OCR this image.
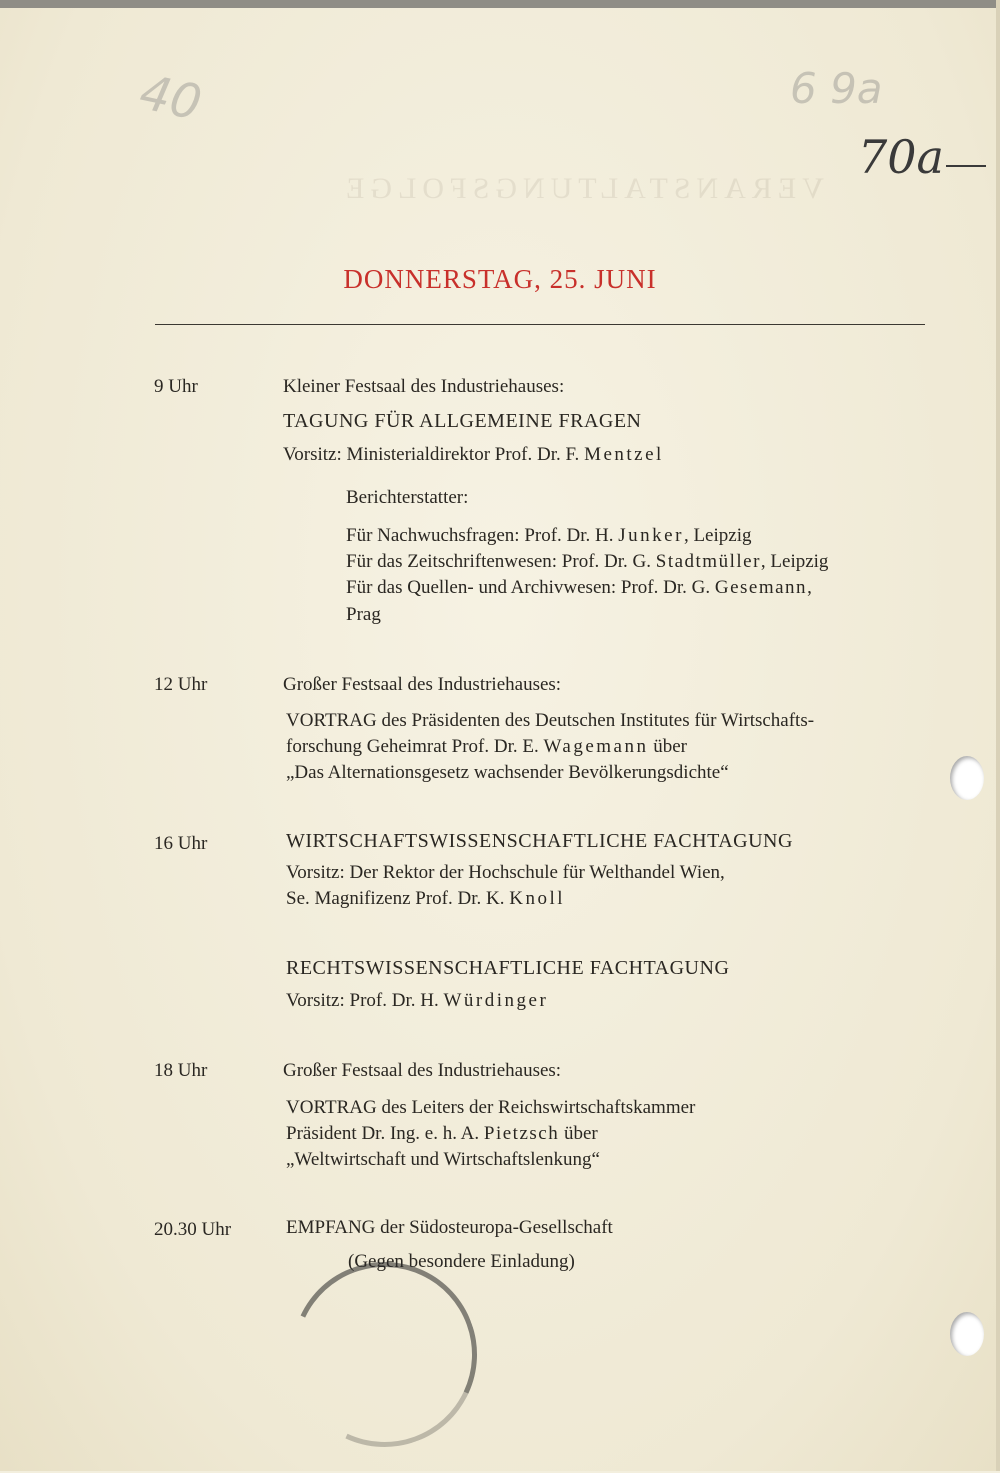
VERANSTALTUNGSFOLGE
40	6 9a
70a
DONNERSTAG, 25. JUNI
9 Uhr	Kleiner Festsaal des Industriehauses:
TAGUNG FÜR ALLGEMEINE FRAGEN
Vorsitz: Ministerialdirektor Prof. Dr. F. Mentzel
Berichterstatter:
Für Nachwuchsfragen: Prof. Dr. H. Junker, Leipzig
Für das Zeitschriftenwesen: Prof. Dr. G. Stadtmüller, Leipzig
Für das Quellen- und Archivwesen: Prof. Dr. G. Gesemann,
Prag
12 Uhr	Großer Festsaal des Industriehauses:
VORTRAG des Präsidenten des Deutschen Institutes für Wirtschafts-
forschung Geheimrat Prof. Dr. E. Wagemann über
„Das Alternationsgesetz wachsender Bevölkerungsdichte“
16 Uhr	WIRTSCHAFTSWISSENSCHAFTLICHE FACHTAGUNG
Vorsitz: Der Rektor der Hochschule für Welthandel Wien,
Se. Magnifizenz Prof. Dr. K. Knoll
RECHTSWISSENSCHAFTLICHE FACHTAGUNG
Vorsitz: Prof. Dr. H. Würdinger
18 Uhr	Großer Festsaal des Industriehauses:
VORTRAG des Leiters der Reichswirtschaftskammer
Präsident Dr. Ing. e. h. A. Pietzsch über
„Weltwirtschaft und Wirtschaftslenkung“
20.30 Uhr	EMPFANG der Südosteuropa-Gesellschaft
(Gegen besondere Einladung)
